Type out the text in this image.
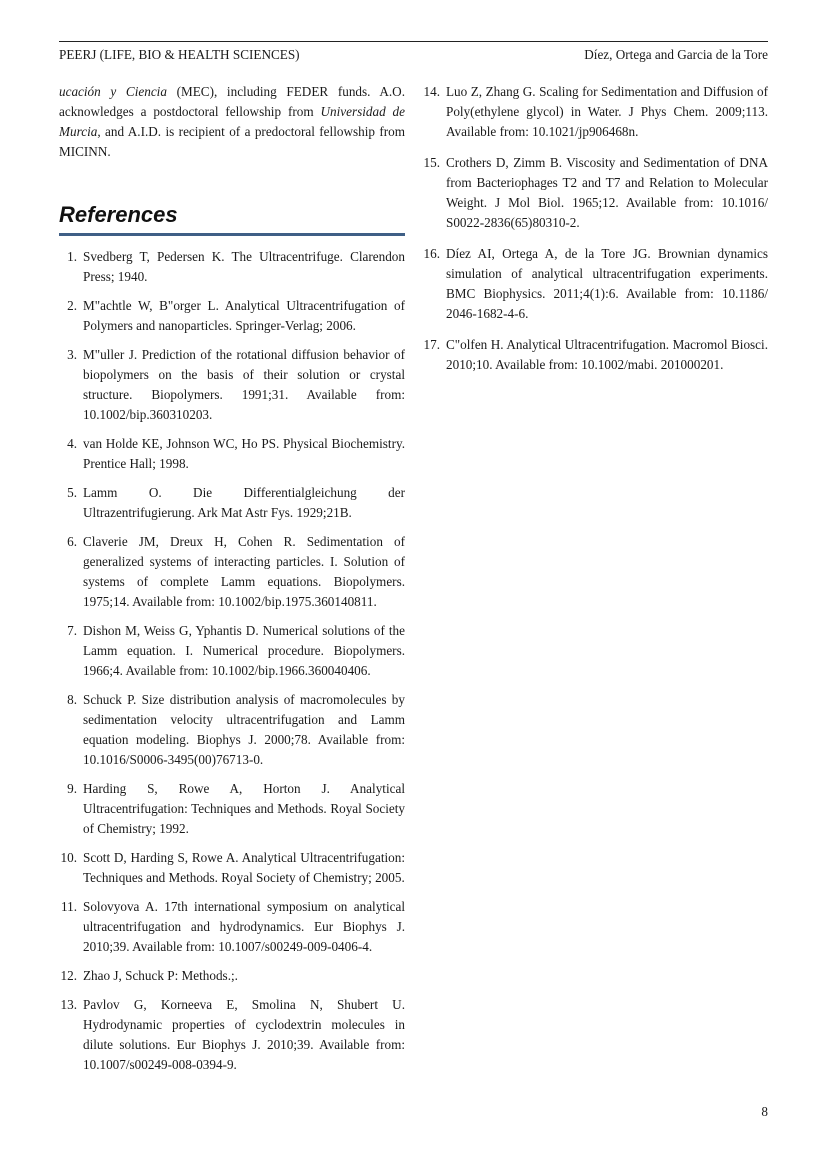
PEERJ (LIFE, BIO & HEALTH SCIENCES)	Díez, Ortega and Garcia de la Tore

ucación y Ciencia (MEC), including FEDER funds. A.O. acknowledges a postdoctoral fellowship from Universidad de Murcia, and A.I.D. is recipient of a predoctoral fellowship from MICINN.

References
1. Svedberg T, Pedersen K. The Ultracentrifuge. Clarendon Press; 1940.
2. M"achtle W, B"orger L. Analytical Ultracentrifugation of Polymers and nanoparticles. Springer-Verlag; 2006.
3. M"uller J. Prediction of the rotational diffusion behavior of biopolymers on the basis of their solution or crystal structure. Biopolymers. 1991;31. Available from: 10.1002/bip.360310203.
4. van Holde KE, Johnson WC, Ho PS. Physical Biochemistry. Prentice Hall; 1998.
5. Lamm O. Die Differentialgleichung der Ultrazentrifugierung. Ark Mat Astr Fys. 1929;21B.
6. Claverie JM, Dreux H, Cohen R. Sedimentation of generalized systems of interacting particles. I. Solution of systems of complete Lamm equations. Biopolymers. 1975;14. Available from: 10.1002/bip.1975.360140811.
7. Dishon M, Weiss G, Yphantis D. Numerical solutions of the Lamm equation. I. Numerical procedure. Biopolymers. 1966;4. Available from: 10.1002/bip.1966.360040406.
8. Schuck P. Size distribution analysis of macromolecules by sedimentation velocity ultracentrifugation and Lamm equation modeling. Biophys J. 2000;78. Available from: 10.1016/S0006-3495(00)76713-0.
9. Harding S, Rowe A, Horton J. Analytical Ultracentrifugation: Techniques and Methods. Royal Society of Chemistry; 1992.
10. Scott D, Harding S, Rowe A. Analytical Ultracentrifugation: Techniques and Methods. Royal Society of Chemistry; 2005.
11. Solovyova A. 17th international symposium on analytical ultracentrifugation and hydrodynamics. Eur Biophys J. 2010;39. Available from: 10.1007/s00249-009-0406-4.
12. Zhao J, Schuck P: Methods.;.
13. Pavlov G, Korneeva E, Smolina N, Shubert U. Hydrodynamic properties of cyclodextrin molecules in dilute solutions. Eur Biophys J. 2010;39. Available from: 10.1007/s00249-008-0394-9.
14. Luo Z, Zhang G. Scaling for Sedimentation and Diffusion of Poly(ethylene glycol) in Water. J Phys Chem. 2009;113. Available from: 10.1021/jp906468n.
15. Crothers D, Zimm B. Viscosity and Sedimentation of DNA from Bacteriophages T2 and T7 and Relation to Molecular Weight. J Mol Biol. 1965;12. Available from: 10.1016/ S0022-2836(65)80310-2.
16. Díez AI, Ortega A, de la Tore JG. Brownian dynamics simulation of analytical ultracentrifugation experiments. BMC Biophysics. 2011;4(1):6. Available from: 10.1186/ 2046-1682-4-6.
17. C"olfen H. Analytical Ultracentrifugation. Macromol Biosci. 2010;10. Available from: 10.1002/mabi. 201000201.
8
